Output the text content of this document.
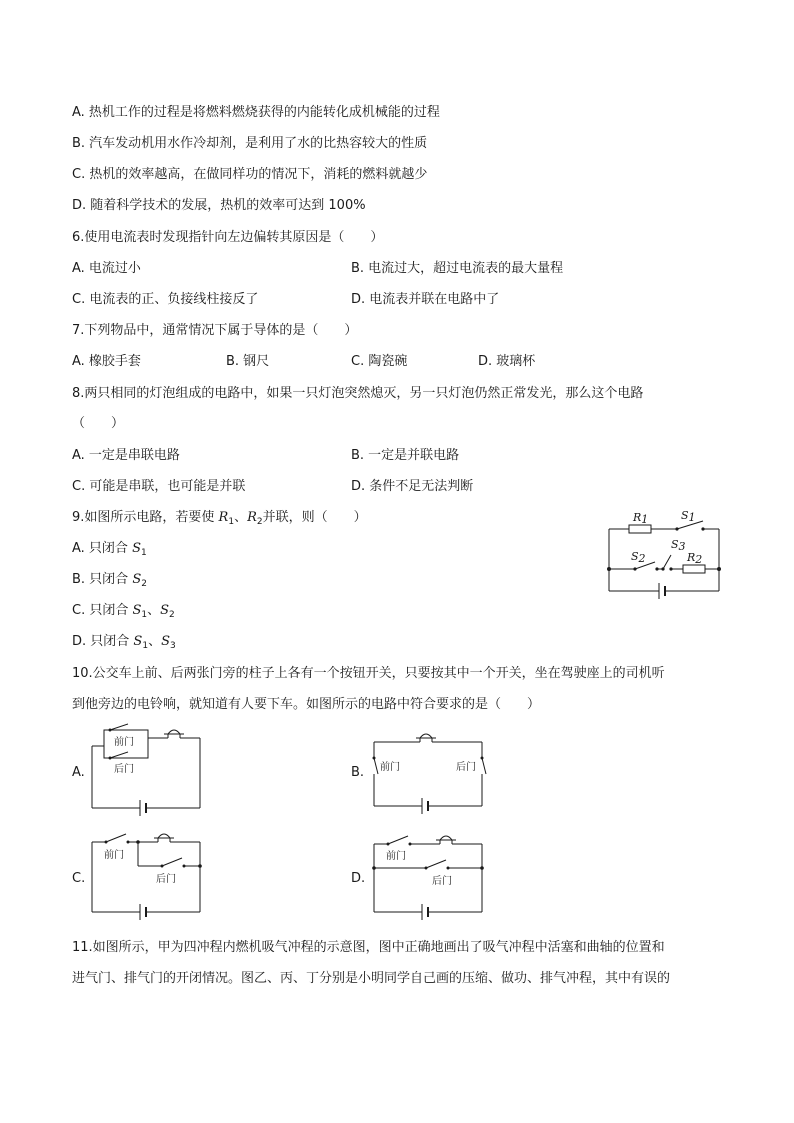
A. 热机工作的过程是将燃料燃烧获得的内能转化成机械能的过程
B. 汽车发动机用水作冷却剂，是利用了水的比热容较大的性质
C. 热机的效率越高，在做同样功的情况下，消耗的燃料就越少
D. 随着科学技术的发展，热机的效率可达到 100%
6.使用电流表时发现指针向左边偏转其原因是（　　）
A. 电流过小	B. 电流过大，超过电流表的最大量程
C. 电流表的正、负接线柱接反了	D. 电流表并联在电路中了
7.下列物品中，通常情况下属于导体的是（　　）
A. 橡胶手套	B. 钢尺	C. 陶瓷碗	D. 玻璃杯
8.两只相同的灯泡组成的电路中，如果一只灯泡突然熄灭，另一只灯泡仍然正常发光，那么这个电路
（　　）
A. 一定是串联电路	B. 一定是并联电路
C. 可能是串联，也可能是并联	D. 条件不足无法判断
9.如图所示电路，若要使 $R_1$、$R_2$并联，则（　　）
A. 只闭合 $S_1$
B. 只闭合 $S_2$
C. 只闭合 $S_1$、$S_2$
D. 只闭合 $S_1$、$S_3$
R1	S1
S3
S2	R2
10.公交车上前、后两张门旁的柱子上各有一个按钮开关，只要按其中一个开关，坐在驾驶座上的司机听
到他旁边的电铃响，就知道有人要下车。如图所示的电路中符合要求的是（　　）
A.
前门
后门	B. 前门	后门
C.
前门
后门	D.
前门
后门
11.如图所示，甲为四冲程内燃机吸气冲程的示意图，图中正确地画出了吸气冲程中活塞和曲轴的位置和
进气门、排气门的开闭情况。图乙、丙、丁分别是小明同学自己画的压缩、做功、排气冲程，其中有误的
